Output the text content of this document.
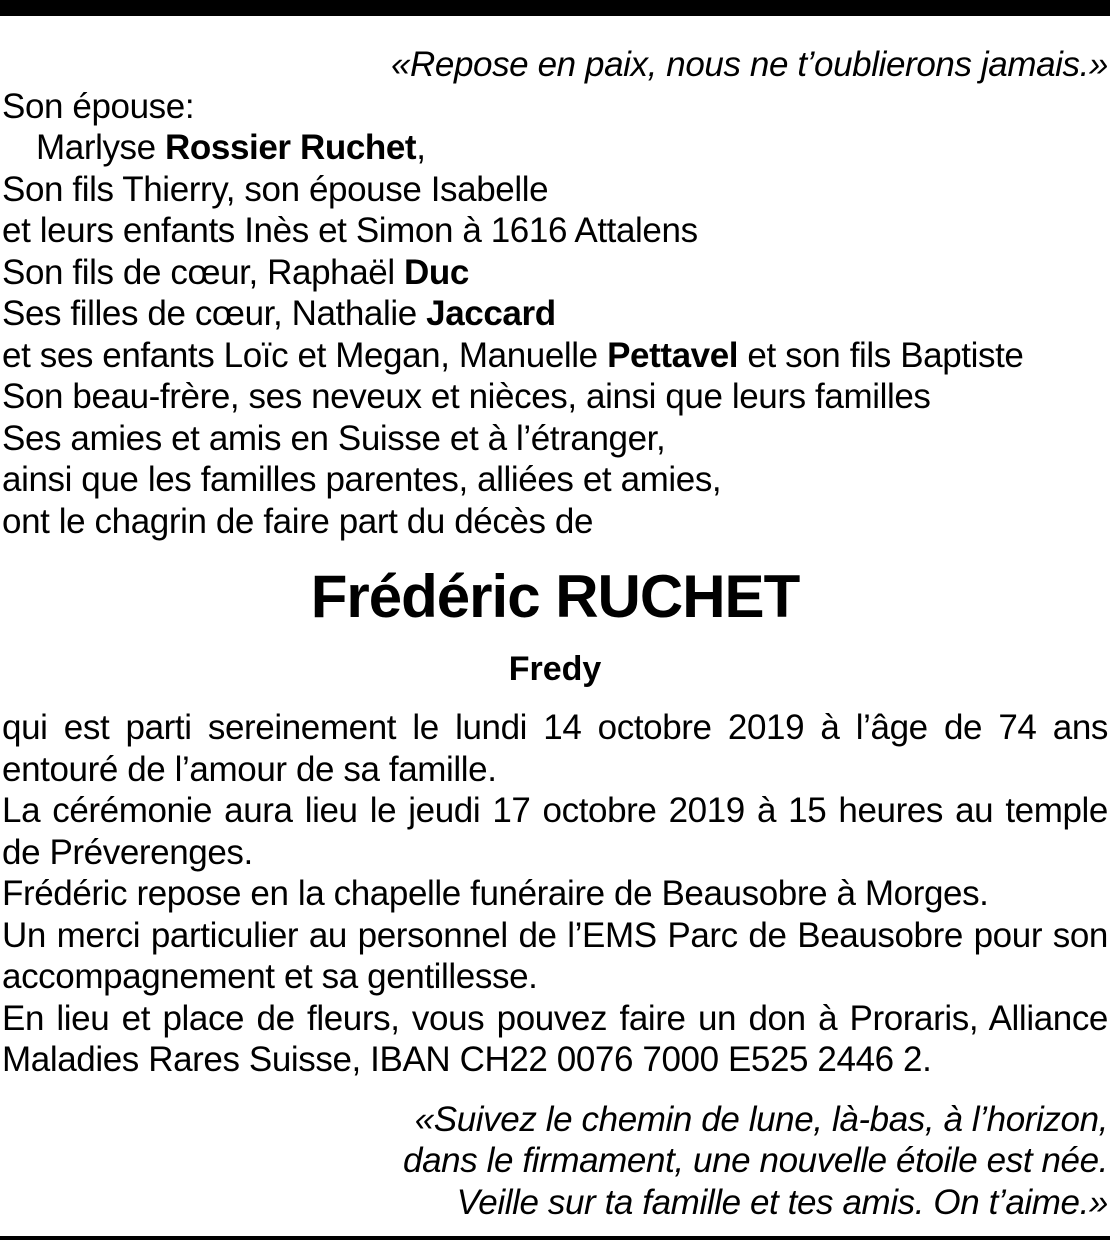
«Repose en paix, nous ne t’oublierons jamais.»
Son épouse:
Marlyse Rossier Ruchet,
Son fils Thierry, son épouse Isabelle
et leurs enfants Inès et Simon à 1616 Attalens
Son fils de cœur, Raphaël Duc
Ses filles de cœur, Nathalie Jaccard
et ses enfants Loïc et Megan, Manuelle Pettavel et son fils Baptiste
Son beau-frère, ses neveux et nièces, ainsi que leurs familles
Ses amies et amis en Suisse et à l’étranger,
ainsi que les familles parentes, alliées et amies,
ont le chagrin de faire part du décès de
Frédéric RUCHET
Fredy
qui est parti sereinement le lundi 14 octobre 2019 à l’âge de 74 ans entouré de l’amour de sa famille.
La cérémonie aura lieu le jeudi 17 octobre 2019 à 15 heures au temple de Préverenges.
Frédéric repose en la chapelle funéraire de Beausobre à Morges.
Un merci particulier au personnel de l’EMS Parc de Beausobre pour son accompagnement et sa gentillesse.
En lieu et place de fleurs, vous pouvez faire un don à Proraris, Alliance Maladies Rares Suisse, IBAN CH22 0076 7000 E525 2446 2.
«Suivez le chemin de lune, là-bas, à l’horizon,
dans le firmament, une nouvelle étoile est née.
Veille sur ta famille et tes amis. On t’aime.»
